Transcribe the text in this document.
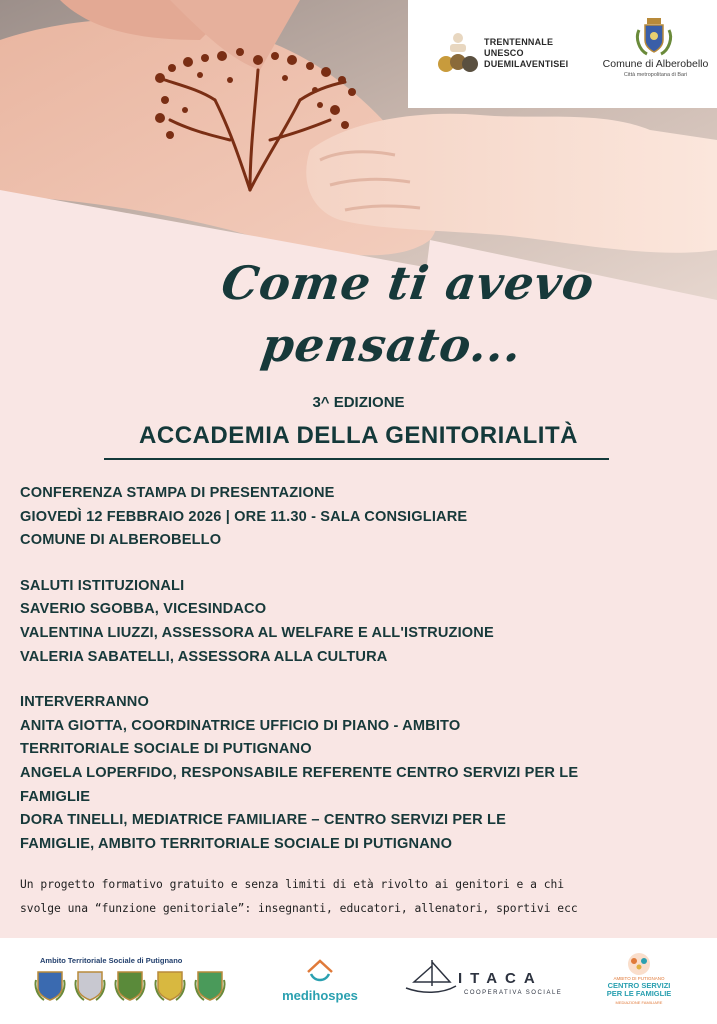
TRENTENNALE
UNESCO
DUEMILAVENTISEI	Comune di Alberobello
Città metropolitana di Bari
Come ti avevo
pensato...
3^ EDIZIONE
ACCADEMIA DELLA GENITORIALITÀ
CONFERENZA STAMPA DI PRESENTAZIONE
GIOVEDÌ 12 FEBBRAIO 2026 | ORE 11.30 - SALA CONSIGLIARE
COMUNE DI ALBEROBELLO
SALUTI ISTITUZIONALI
SAVERIO SGOBBA, VICESINDACO
VALENTINA LIUZZI, ASSESSORA AL WELFARE E ALL'ISTRUZIONE
VALERIA SABATELLI, ASSESSORA ALLA CULTURA
INTERVERRANNO
ANITA GIOTTA, COORDINATRICE UFFICIO DI PIANO - AMBITO
TERRITORIALE SOCIALE DI PUTIGNANO
ANGELA LOPERFIDO, RESPONSABILE REFERENTE CENTRO SERVIZI PER LE
FAMIGLIE
DORA TINELLI, MEDIATRICE FAMILIARE – CENTRO SERVIZI PER LE
FAMIGLIE, AMBITO TERRITORIALE SOCIALE DI PUTIGNANO
Un progetto formativo gratuito e senza limiti di età rivolto ai genitori e a chi
svolge una “funzione genitoriale”: insegnanti, educatori, allenatori, sportivi ecc
Ambito Territoriale Sociale di Putignano
medihospes
ITACA
COOPERATIVA SOCIALE
AMBITO DI PUTIGNANO
CENTRO SERVIZI
PER LE FAMIGLIE
MEDIAZIONE FAMILIARE
